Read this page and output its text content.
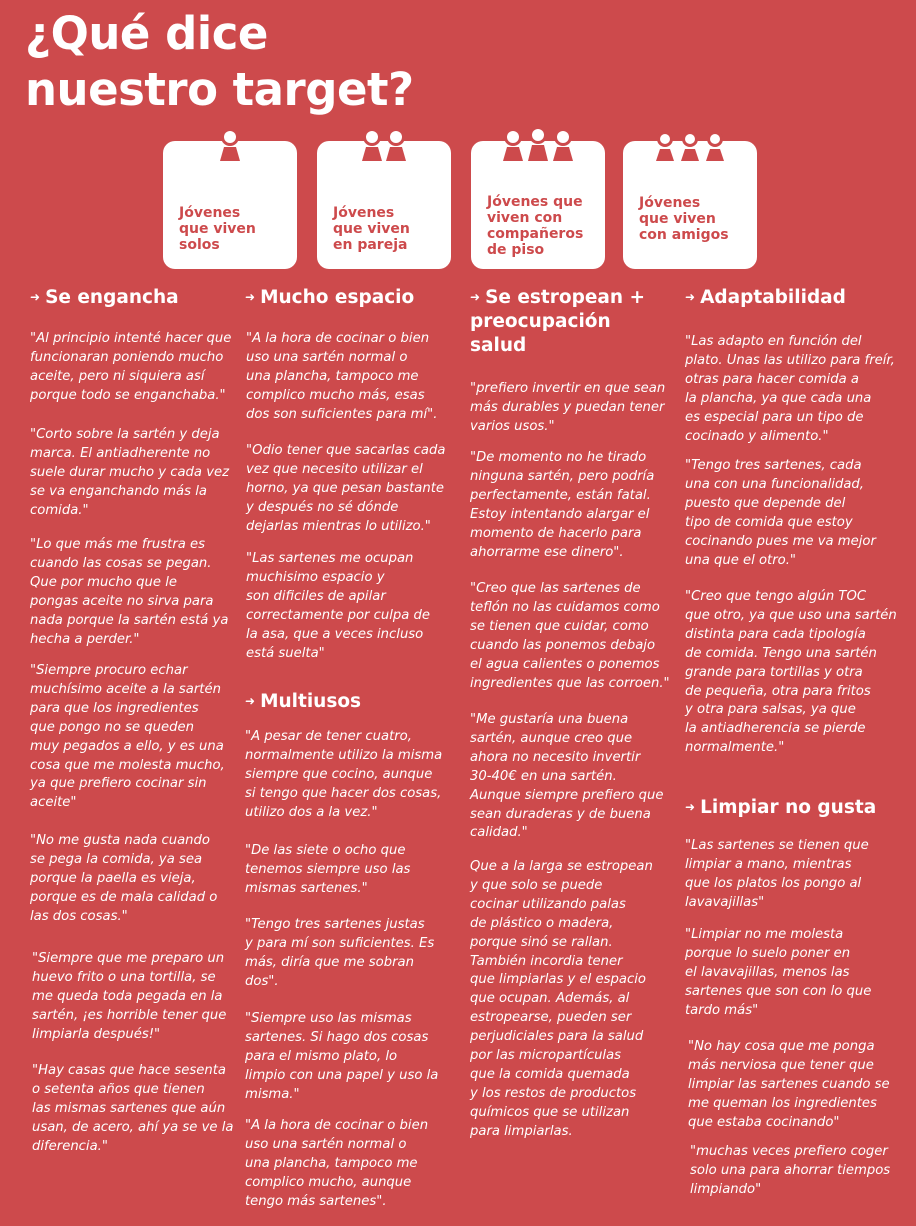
¿Qué dice
nuestro target?
Jóvenes
que viven
solos
Jóvenes
que viven
en pareja
Jóvenes que
viven con
compañeros
de piso
Jóvenes
que viven
con amigos
➜ Se engancha

"Al principio intenté hacer que
funcionaran poniendo mucho
aceite, pero ni siquiera así
porque todo se enganchaba."

"Corto sobre la sartén y deja
marca. El antiadherente no
suele durar mucho y cada vez
se va enganchando más la
comida."

"Lo que más me frustra es
cuando las cosas se pegan.
Que por mucho que le
pongas aceite no sirva para
nada porque la sartén está ya
hecha a perder."

"Siempre procuro echar
muchísimo aceite a la sartén
para que los ingredientes
que pongo no se queden
muy pegados a ello, y es una
cosa que me molesta mucho,
ya que prefiero cocinar sin
aceite"

"No me gusta nada cuando
se pega la comida, ya sea
porque la paella es vieja,
porque es de mala calidad o
las dos cosas."

"Siempre que me preparo un
huevo frito o una tortilla, se
me queda toda pegada en la
sartén, ¡es horrible tener que
limpiarla después!"

"Hay casas que hace sesenta
o setenta años que tienen
las mismas sartenes que aún
usan, de acero, ahí ya se ve la
diferencia."

➜ Mucho espacio

"A la hora de cocinar o bien
uso una sartén normal o
una plancha, tampoco me
complico mucho más, esas
dos son suficientes para mí".

"Odio tener que sacarlas cada
vez que necesito utilizar el
horno, ya que pesan bastante
y después no sé dónde
dejarlas mientras lo utilizo."

"Las sartenes me ocupan
muchisimo espacio y
son dificiles de apilar
correctamente por culpa de
la asa, que a veces incluso
está suelta"

➜ Multiusos

"A pesar de tener cuatro,
normalmente utilizo la misma
siempre que cocino, aunque
si tengo que hacer dos cosas,
utilizo dos a la vez."

"De las siete o ocho que
tenemos siempre uso las
mismas sartenes."

"Tengo tres sartenes justas
y para mí son suficientes. Es
más, diría que me sobran
dos".

"Siempre uso las mismas
sartenes. Si hago dos cosas
para el mismo plato, lo
limpio con una papel y uso la
misma."

"A la hora de cocinar o bien
uso una sartén normal o
una plancha, tampoco me
complico mucho, aunque
tengo más sartenes".

➜ Se estropean +
preocupación
salud

"prefiero invertir en que sean
más durables y puedan tener
varios usos."

"De momento no he tirado
ninguna sartén, pero podría
perfectamente, están fatal.
Estoy intentando alargar el
momento de hacerlo para
ahorrarme ese dinero".

"Creo que las sartenes de
teflón no las cuidamos como
se tienen que cuidar, como
cuando las ponemos debajo
el agua calientes o ponemos
ingredientes que las corroen."

"Me gustaría una buena
sartén, aunque creo que
ahora no necesito invertir
30-40€ en una sartén.
Aunque siempre prefiero que
sean duraderas y de buena
calidad."

Que a la larga se estropean
y que solo se puede
cocinar utilizando palas
de plástico o madera,
porque sinó se rallan.
También incordia tener
que limpiarlas y el espacio
que ocupan. Además, al
estropearse, pueden ser
perjudiciales para la salud
por las micropartículas
que la comida quemada
y los restos de productos
químicos que se utilizan
para limpiarlas.

➜ Adaptabilidad

"Las adapto en función del
plato. Unas las utilizo para freír,
otras para hacer comida a
la plancha, ya que cada una
es especial para un tipo de
cocinado y alimento."

"Tengo tres sartenes, cada
una con una funcionalidad,
puesto que depende del
tipo de comida que estoy
cocinando pues me va mejor
una que el otro."

"Creo que tengo algún TOC
que otro, ya que uso una sartén
distinta para cada tipología
de comida. Tengo una sartén
grande para tortillas y otra
de pequeña, otra para fritos
y otra para salsas, ya que
la antiadherencia se pierde
normalmente."

➜ Limpiar no gusta

"Las sartenes se tienen que
limpiar a mano, mientras
que los platos los pongo al
lavavajillas"

"Limpiar no me molesta
porque lo suelo poner en
el lavavajillas, menos las
sartenes que son con lo que
tardo más"

"No hay cosa que me ponga
más nerviosa que tener que
limpiar las sartenes cuando se
me queman los ingredientes
que estaba cocinando"

"muchas veces prefiero coger
solo una para ahorrar tiempos
limpiando"
